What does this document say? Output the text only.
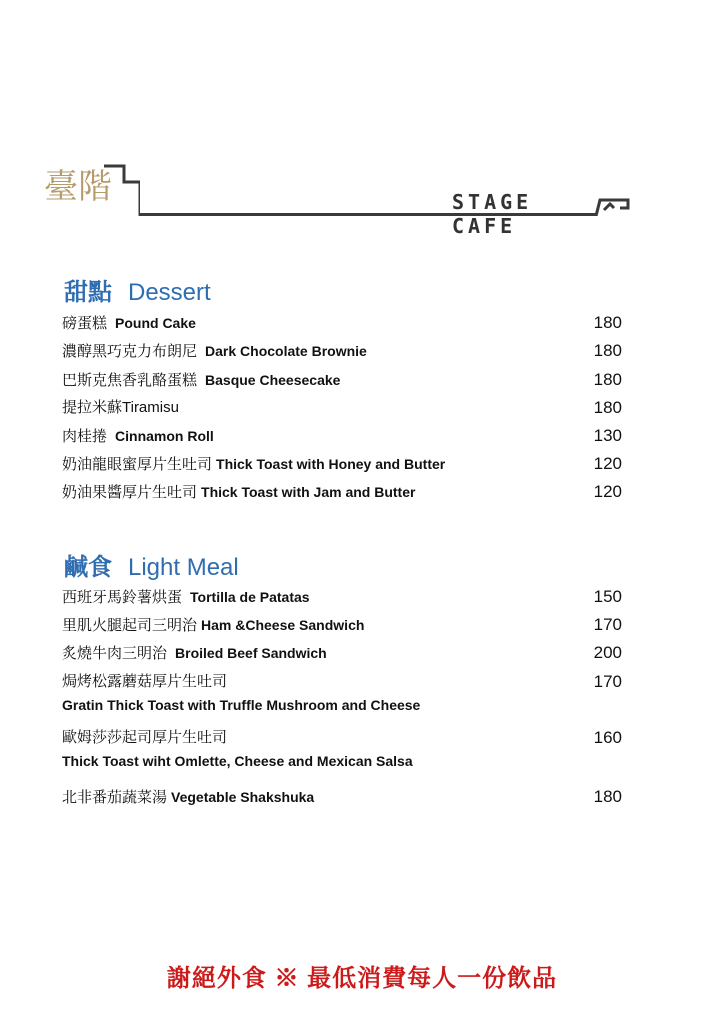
臺階	STAGE CAFE
甜點 Dessert
磅蛋糕 Pound Cake	180
濃醇黑巧克力布朗尼 Dark Chocolate Brownie	180
巴斯克焦香乳酪蛋糕 Basque Cheesecake	180
提拉米蘇Tiramisu	180
肉桂捲 Cinnamon Roll	130
奶油龍眼蜜厚片生吐司 Thick Toast with Honey and Butter	120
奶油果醬厚片生吐司 Thick Toast with Jam and Butter	120
鹹食 Light Meal
西班牙馬鈴薯烘蛋 Tortilla de Patatas	150
里肌火腿起司三明治 Ham &Cheese Sandwich	170
炙燒牛肉三明治 Broiled Beef Sandwich	200
焗烤松露蘑菇厚片生吐司	170
Gratin Thick Toast with Truffle Mushroom and Cheese
歐姆莎莎起司厚片生吐司	160
Thick Toast wiht Omlette, Cheese and Mexican Salsa
北非番茄蔬菜湯 Vegetable Shakshuka	180
謝絕外食 ※ 最低消費每人一份飲品
